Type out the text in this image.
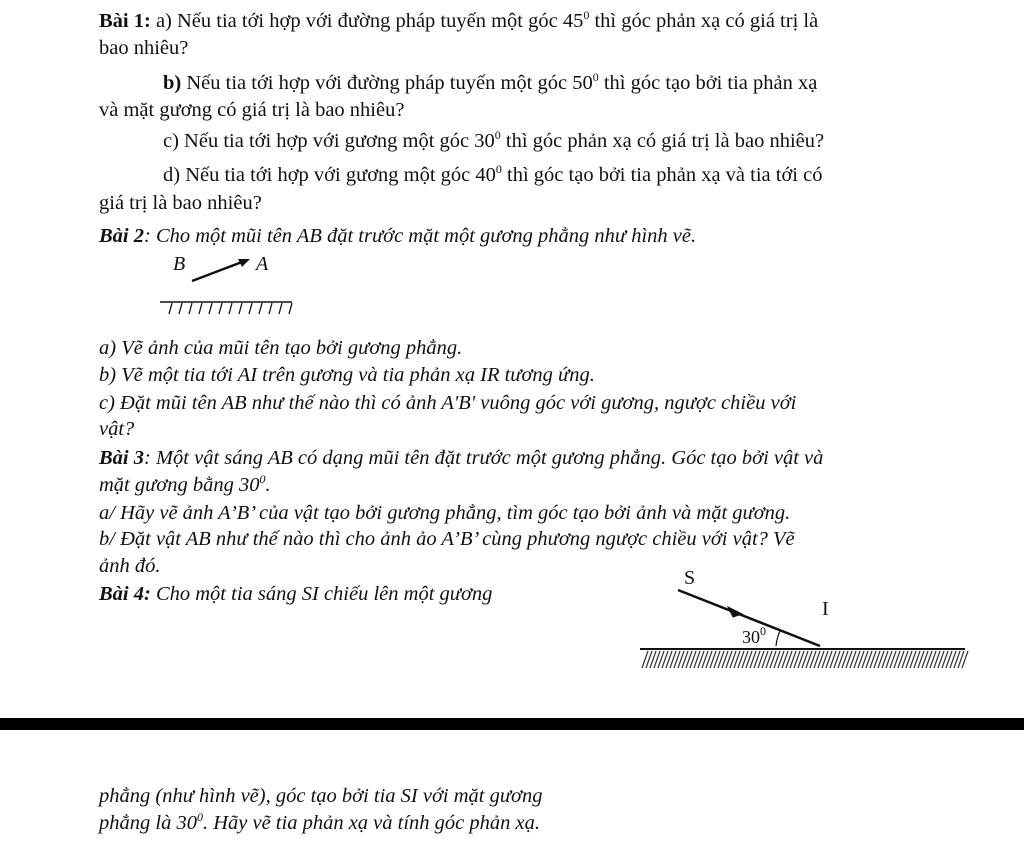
Bài 1: a) Nếu tia tới hợp với đường pháp tuyến một góc $45^0$ thì góc phản xạ có giá trị là
bao nhiêu?
b) Nếu tia tới hợp với đường pháp tuyến một góc $50^0$ thì góc tạo bởi tia phản xạ
và mặt gương có giá trị là bao nhiêu?
c) Nếu tia tới hợp với gương một góc $30^0$ thì góc phản xạ có giá trị là bao nhiêu?
d) Nếu tia tới hợp với gương một góc $40^0$ thì góc tạo bởi tia phản xạ và tia tới có
giá trị là bao nhiêu?
Bài 2: Cho một mũi tên AB đặt trước mặt một gương phẳng như hình vẽ.
B	A
a) Vẽ ảnh của mũi tên tạo bởi gương phẳng.
b) Vẽ một tia tới AI trên gương và tia phản xạ IR tương ứng.
c) Đặt mũi tên AB như thế nào thì có ảnh A'B' vuông góc với gương, ngược chiều với
vật?
Bài 3: Một vật sáng AB có dạng mũi tên đặt trước một gương phẳng. Góc tạo bởi vật và
mặt gương bằng $30^0$.
a/ Hãy vẽ ảnh A’B’ của vật tạo bởi gương phẳng, tìm góc tạo bởi ảnh và mặt gương.
b/ Đặt vật AB như thế nào thì cho ảnh ảo A’B’ cùng phương ngược chiều với vật? Vẽ
ảnh đó.
Bài 4: Cho một tia sáng SI chiếu lên một gương
S
I
$30^0$
phẳng (như hình vẽ), góc tạo bởi tia SI với mặt gương
phẳng là $30^0$. Hãy vẽ tia phản xạ và tính góc phản xạ.
